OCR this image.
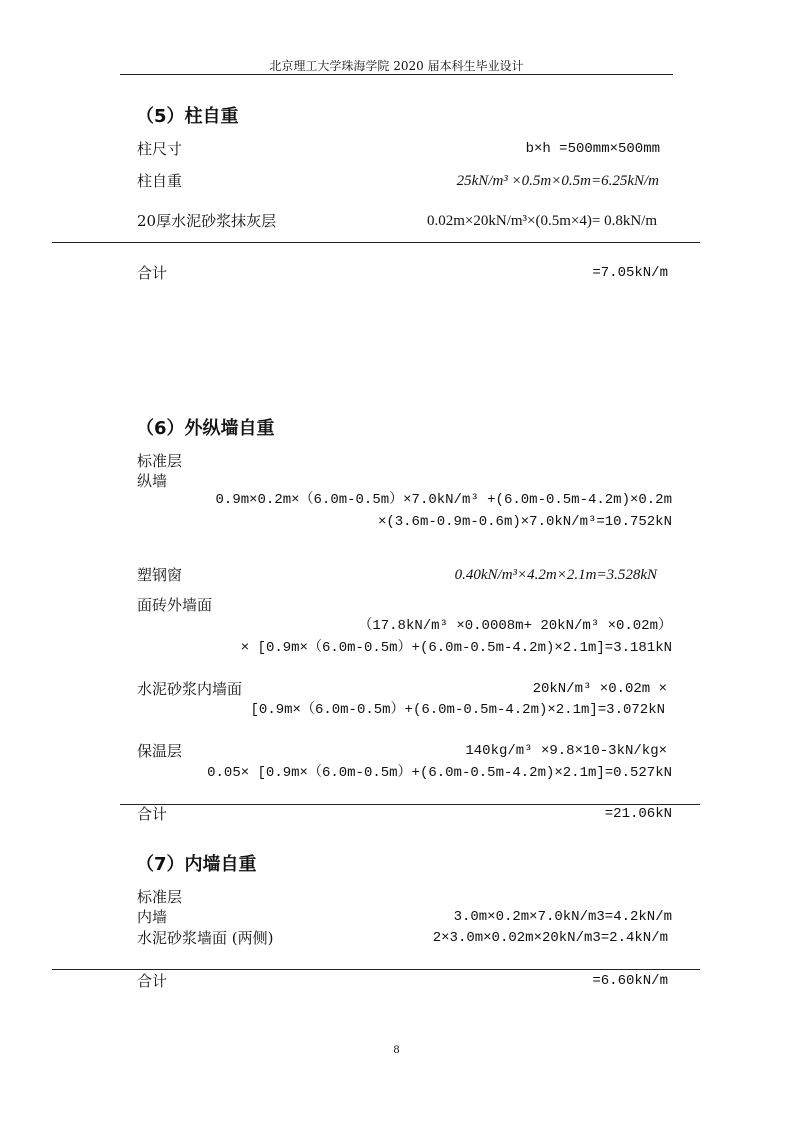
北京理工大学珠海学院 2020 届本科生毕业设计
（5）柱自重
柱尺寸	b×h =500mm×500mm
柱自重	25kN/m³ ×0.5m×0.5m=6.25kN/m
20厚水泥砂浆抹灰层	0.02m×20kN/m³×(0.5m×4)= 0.8kN/m
合计	=7.05kN/m
（6）外纵墙自重
标准层
纵墙
0.9m×0.2m×（6.0m-0.5m）×7.0kN/m³ +(6.0m-0.5m-4.2m)×0.2m
×(3.6m-0.9m-0.6m)×7.0kN/m³=10.752kN
塑钢窗	0.40kN/m³×4.2m×2.1m=3.528kN
面砖外墙面
（17.8kN/m³ ×0.0008m+ 20kN/m³ ×0.02m）
× [0.9m×（6.0m-0.5m）+(6.0m-0.5m-4.2m)×2.1m]=3.181kN
水泥砂浆内墙面	20kN/m³ ×0.02m ×
[0.9m×（6.0m-0.5m）+(6.0m-0.5m-4.2m)×2.1m]=3.072kN
保温层	140kg/m³ ×9.8×10-3kN/kg×
0.05× [0.9m×（6.0m-0.5m）+(6.0m-0.5m-4.2m)×2.1m]=0.527kN
合计	=21.06kN
（7）内墙自重
标准层
内墙	3.0m×0.2m×7.0kN/m3=4.2kN/m
水泥砂浆墙面 (两侧)	2×3.0m×0.02m×20kN/m3=2.4kN/m
合计	=6.60kN/m
8
